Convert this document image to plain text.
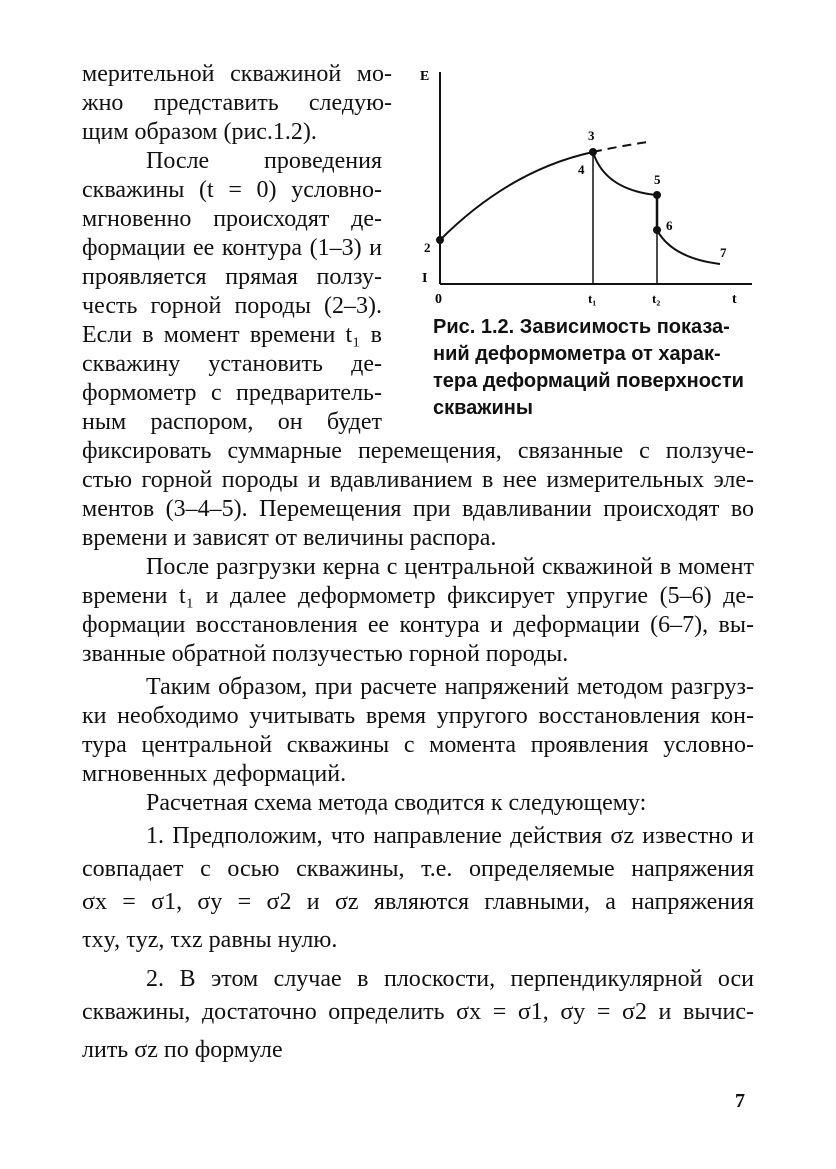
мерительной скважиной мо-
жно представить следую-
щим образом (рис.1.2).
После проведения
скважины (t = 0) условно-
мгновенно происходят де-
формации ее контура (1–3) и
проявляется прямая ползу-
честь горной породы (2–3).
Если в момент времени t₁ в
скважину установить де-
формометр с предваритель-
ным распором, он будет
фиксировать суммарные перемещения, связанные с ползуче-
стью горной породы и вдавливанием в нее измерительных эле-
ментов (3–4–5). Перемещения при вдавливании происходят во
времени и зависят от величины распора.
После разгрузки керна с центральной скважиной в момент
времени t₁ и далее деформометр фиксирует упругие (5–6) де-
формации восстановления ее контура и деформации (6–7), вы-
званные обратной ползучестью горной породы.
Таким образом, при расчете напряжений методом разгруз-
ки необходимо учитывать время упругого восстановления кон-
тура центральной скважины с момента проявления условно-
мгновенных деформаций.
Расчетная схема метода сводится к следующему:
1. Предположим, что направление действия σz известно и
совпадает с осью скважины, т.е. определяемые напряжения
σx = σ1, σy = σ2 и σz являются главными, а напряжения
τxy, τyz, τxz равны нулю.
2. В этом случае в плоскости, перпендикулярной оси
скважины, достаточно определить σx = σ1, σy = σ2 и вычис-
лить σz по формуле
E
I
0	t₁	t₂	t
2
3
4
5
6
7
Рис. 1.2. Зависимость показа-
ний деформометра от харак-
тера деформаций поверхности
скважины
7
